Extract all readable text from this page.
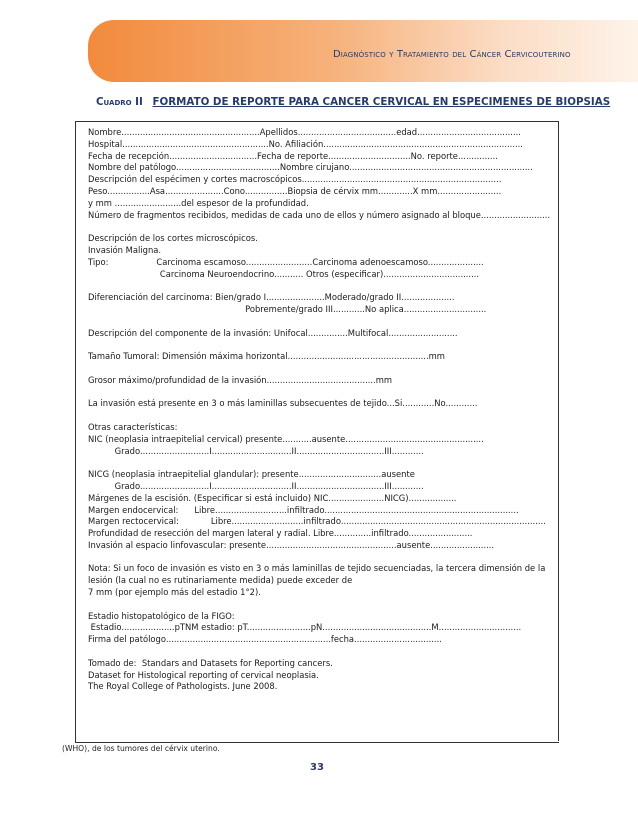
Diagnóstico y Tratamiento del Cáncer Cervicouterino
Cuadro II FORMATO DE REPORTE PARA CANCER CERVICAL EN ESPECIMENES DE BIOPSIAS
Nombre....................................................Apellidos.....................................edad.......................................
Hospital.......................................................No. Afiliación...........................................................................
Fecha de recepción.................................Fecha de reporte...............................No. reporte...............
Nombre del patólogo.......................................Nombre cirujano.....................................................................
Descripción del espécimen y cortes macroscópicos...........................................................................
Peso................Asa......................Cono................Biopsia de cérvix mm.............X mm........................
y mm .........................del espesor de la profundidad.
Número de fragmentos recibidos, medidas de cada uno de ellos y número asignado al bloque..........................
Descripción de los cortes microscópicos.
Invasión Maligna.
Tipo:                  Carcinoma escamoso.........................Carcinoma adenoescamoso.....................
Carcinoma Neuroendocrino........... Otros (especificar)....................................
Diferenciación del carcinoma: Bien/grado I......................Moderado/grado II....................
Pobremente/grado III............No aplica...............................
Descripción del componente de la invasión: Unifocal...............Multifocal..........................
Tamaño Tumoral: Dimensión máxima horizontal.....................................................mm
Grosor máximo/profundidad de la invasión.........................................mm
La invasión está presente en 3 o más laminillas subsecuentes de tejido...Si............No............
Otras características:
NIC (neoplasia intraepitelial cervical) presente...........ausente....................................................
Grado..........................I..............................II.................................III............
NICG (neoplasia intraepitelial glandular): presente...............................ausente
Grado..........................I..............................II.................................III............
Márgenes de la escisión. (Especificar si está incluido) NIC.....................NICG)..................
Margen endocervical:      Libre...........................infiltrado.........................................................................
Margen rectocervical:            Libre...........................infiltrado.............................................................................
Profundidad de resección del margen lateral y radial. Libre..............infiltrado........................
Invasión al espacio linfovascular: presente.................................................ausente........................
Nota: Si un foco de invasión es visto en 3 o más laminillas de tejido secuenciadas, la tercera dimensión de la
lesión (la cual no es rutinariamente medida) puede exceder de
7 mm (por ejemplo más del estadio 1°2).
Estadio histopatológico de la FIGO:
Estadio....................pTNM estadio: pT........................pN.........................................M...............................
Firma del patólogo..............................................................fecha.................................
Tomado de:  Standars and Datasets for Reporting cancers.
Dataset for Histological reporting of cervical neoplasia.
The Royal College of Pathologists. June 2008.
(WHO), de los tumores del cérvix uterino.
33
